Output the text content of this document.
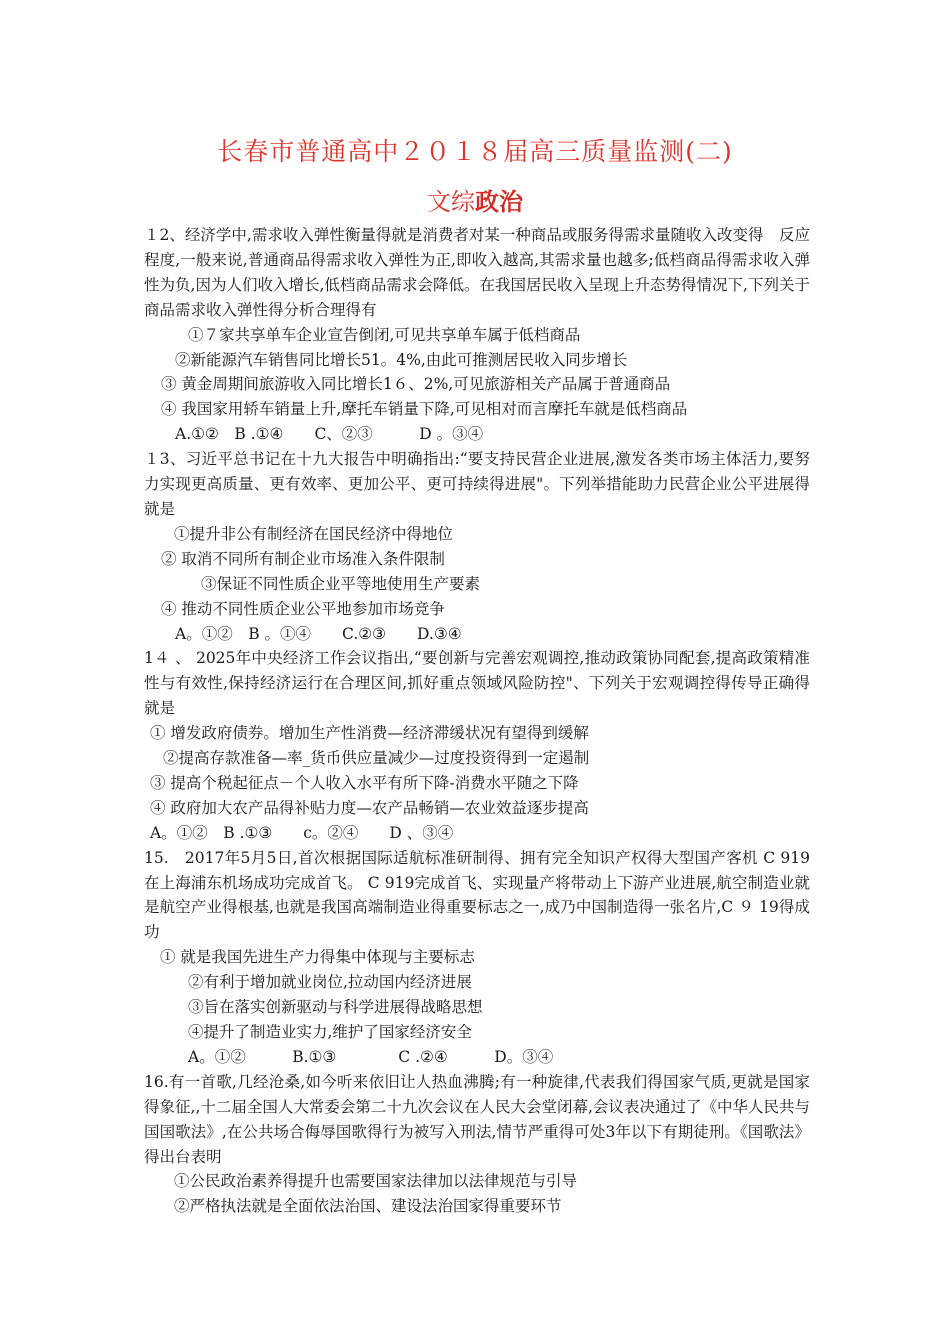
长春市普通高中２０１８届高三质量监测(二)
文综政治
１2、经济学中,需求收入弹性衡量得就是消费者对某一种商品或服务得需求量随收入改变得　反应程度,一般来说,普通商品得需求收入弹性为正,即收入越高,其需求量也越多;低档商品得需求收入弹性为负,因为人们收入增长,低档商品需求会降低。在我国居民收入呈现上升态势得情况下,下列关于商品需求收入弹性得分析合理得有
①７家共享单车企业宣告倒闭,可见共享单车属于低档商品
②新能源汽车销售同比增长51。4%,由此可推测居民收入同步增长
③ 黄金周期间旅游收入同比增长1６、2%,可见旅游相关产品属于普通商品
④ 我国家用轿车销量上升,摩托车销量下降,可见相对而言摩托车就是低档商品
A.①②　B .①④　　C、②③　　　D 。③④
１3、习近平总书记在十九大报告中明确指出:“要支持民营企业进展,激发各类市场主体活力,要努力实现更高质量、更有效率、更加公平、更可持续得进展"。下列举措能助力民营企业公平进展得就是
①提升非公有制经济在国民经济中得地位
② 取消不同所有制企业市场准入条件限制
③保证不同性质企业平等地使用生产要素
④ 推动不同性质企业公平地参加市场竞争
A。①②　B 。①④　　C.②③　　D.③④
1４ 、 2025年中央经济工作会议指出,“要创新与完善宏观调控,推动政策协同配套,提高政策精准性与有效性,保持经济运行在合理区间,抓好重点领域风险防控"、下列关于宏观调控得传导正确得就是
① 增发政府债券。增加生产性消费—经济滞缓状况有望得到缓解
②提高存款准备—率_货币供应量减少—过度投资得到一定遏制
③ 提高个税起征点－个人收入水平有所下降-消费水平随之下降
④ 政府加大农产品得补贴力度—农产品畅销—农业效益逐步提高
A。①②　B .①③　　c。②④　　D 、③④
15.　2017年5月5日,首次根据国际适航标准研制得、拥有完全知识产权得大型国产客机 C 919在上海浦东机场成功完成首飞。 C 919完成首飞、实现量产将带动上下游产业进展,航空制造业就是航空产业得根基,也就是我国高端制造业得重要标志之一,成乃中国制造得一张名片,C ９ 19得成功
① 就是我国先进生产力得集中体现与主要标志
②有利于增加就业岗位,拉动国内经济进展
③旨在落实创新驱动与科学进展得战略思想
④提升了制造业实力,维护了国家经济安全
A。①②　　　B.①③　　　　C .②④　　　D。③④
16.有一首歌,几经沧桑,如今听来依旧让人热血沸腾;有一种旋律,代表我们得国家气质,更就是国家得象征,,十二届全国人大常委会第二十九次会议在人民大会堂闭幕,会议表决通过了《中华人民共与国国歌法》,在公共场合侮辱国歌得行为被写入刑法,情节严重得可处3年以下有期徒刑。《国歌法》得出台表明
①公民政治素养得提升也需要国家法律加以法律规范与引导
②严格执法就是全面依法治国、建设法治国家得重要环节
